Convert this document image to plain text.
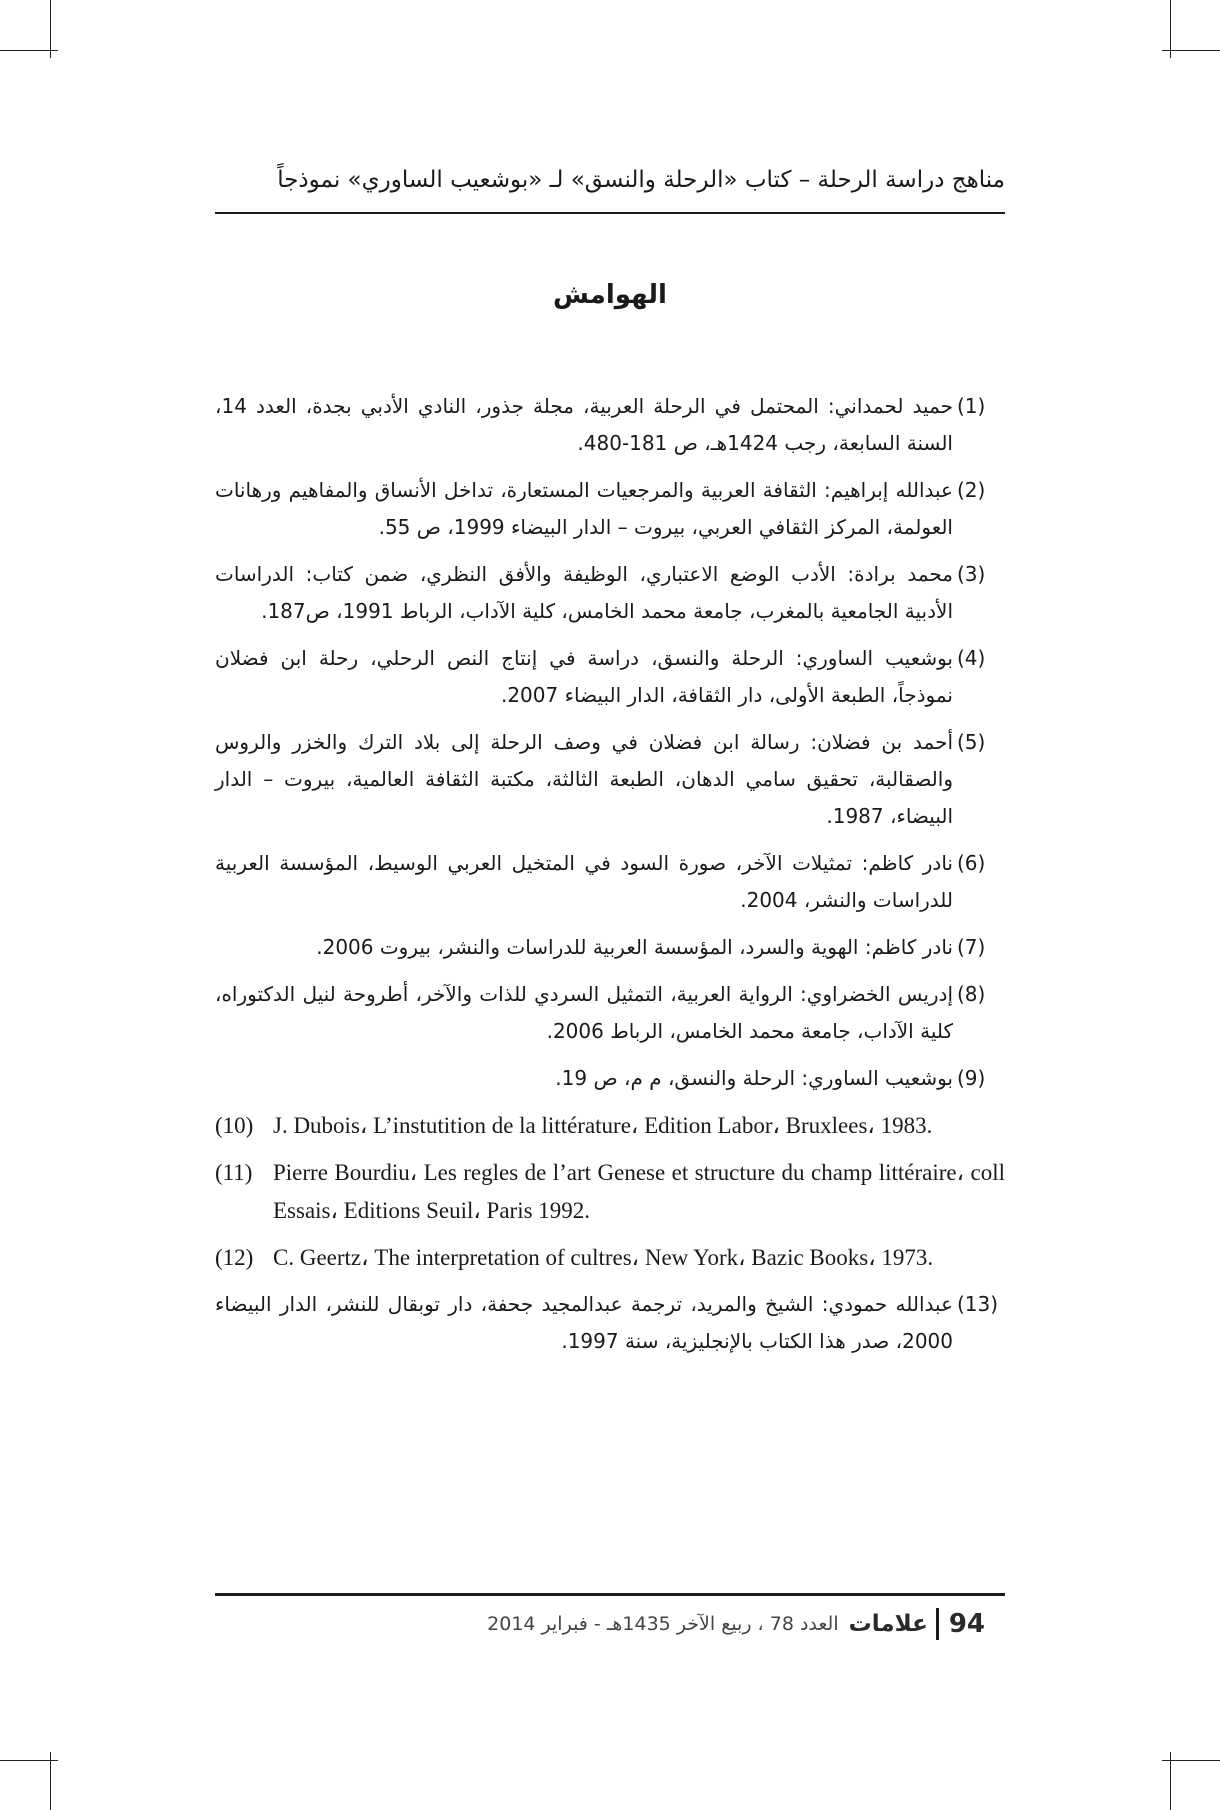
مناهج دراسة الرحلة – كتاب «الرحلة والنسق» لـ «بوشعيب الساوري» نموذجاً
الهوامش
(1)
حميد لحمداني: المحتمل في الرحلة العربية، مجلة جذور، النادي الأدبي بجدة، العدد 14، السنة السابعة، رجب 1424هـ، ص 181-480.
(2)
عبدالله إبراهيم: الثقافة العربية والمرجعيات المستعارة، تداخل الأنساق والمفاهيم ورهانات العولمة، المركز الثقافي العربي، بيروت – الدار البيضاء 1999، ص 55.
(3)
محمد برادة: الأدب الوضع الاعتباري، الوظيفة والأفق النظري، ضمن كتاب: الدراسات الأدبية الجامعية بالمغرب، جامعة محمد الخامس، كلية الآداب، الرباط 1991، ص187.
(4)
بوشعيب الساوري: الرحلة والنسق، دراسة في إنتاج النص الرحلي، رحلة ابن فضلان نموذجاً، الطبعة الأولى، دار الثقافة، الدار البيضاء 2007.
(5)
أحمد بن فضلان: رسالة ابن فضلان في وصف الرحلة إلى بلاد الترك والخزر والروس والصقالبة، تحقيق سامي الدهان، الطبعة الثالثة، مكتبة الثقافة العالمية، بيروت – الدار البيضاء، 1987.
(6)
نادر كاظم: تمثيلات الآخر، صورة السود في المتخيل العربي الوسيط، المؤسسة العربية للدراسات والنشر، 2004.
(7)
نادر كاظم: الهوية والسرد، المؤسسة العربية للدراسات والنشر، بيروت 2006.
(8)
إدريس الخضراوي: الرواية العربية، التمثيل السردي للذات والآخر، أطروحة لنيل الدكتوراه، كلية الآداب، جامعة محمد الخامس، الرباط 2006.
(9)
بوشعيب الساوري: الرحلة والنسق، م م، ص 19.
(10) J. Dubois، L’instutition de la littérature، Edition Labor، Bruxlees، 1983.
(11) Pierre Bourdiu، Les regles de l’art Genese et structure du champ littéraire، coll Essais، Editions Seuil، Paris 1992.
(12) C. Geertz، The interpretation of cultres، New York، Bazic Books، 1973.
(13)
عبدالله حمودي: الشيخ والمريد، ترجمة عبدالمجيد جحفة، دار توبقال للنشر، الدار البيضاء 2000، صدر هذا الكتاب بالإنجليزية، سنة 1997.
العدد 78 ، ربيع الآخر 1435هـ - فبراير 2014 علامات 94
